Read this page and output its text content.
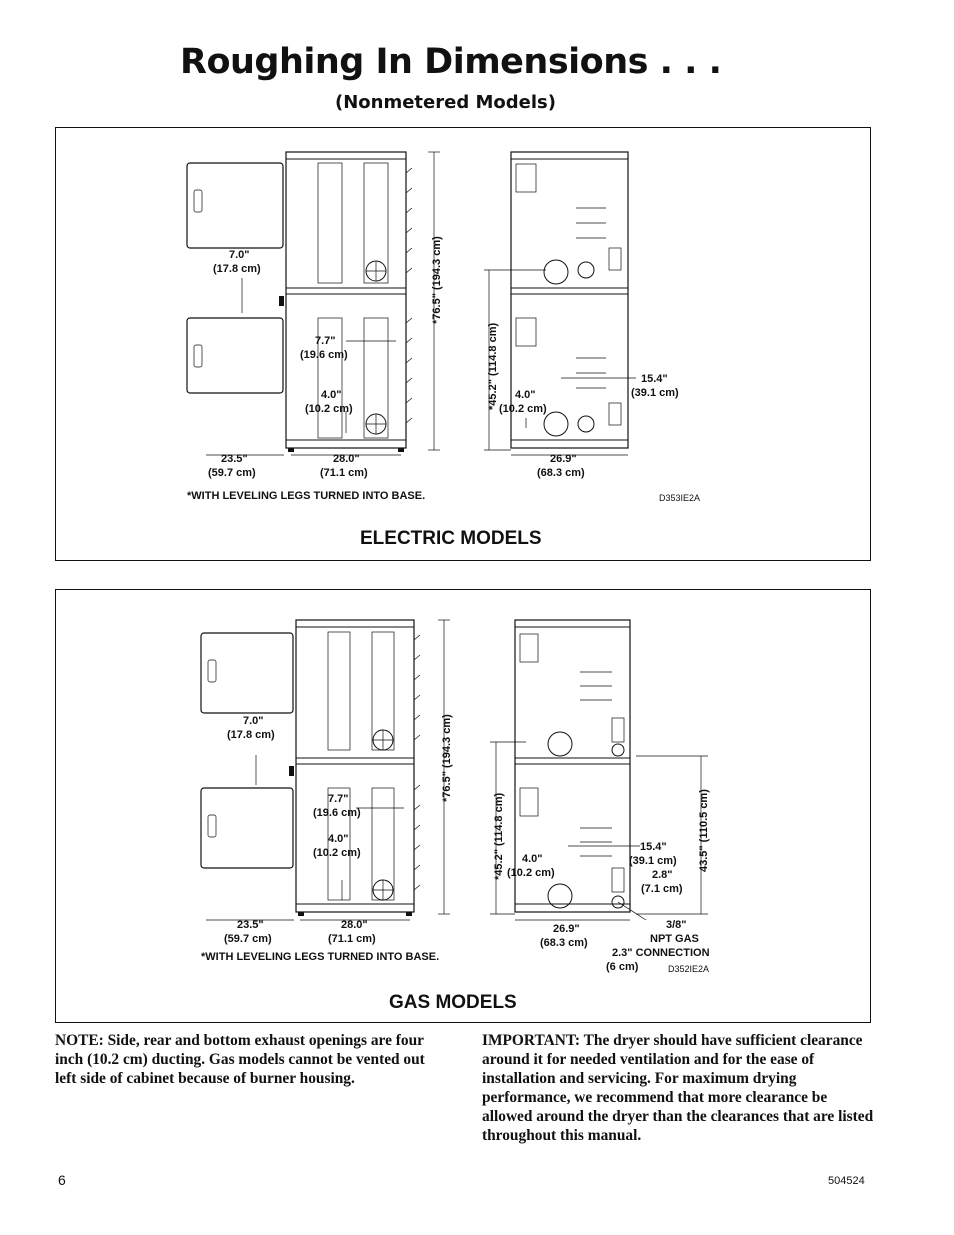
Roughing In Dimensions . . .
(Nonmetered Models)
7.0"
(17.8 cm)
7.7"
(19.6 cm)
4.0"
(10.2 cm)
23.5"
(59.7 cm)
28.0"
(71.1 cm)
*76.5" (194.3 cm)
*45.2" (114.8 cm) 4.0"
(10.2 cm)
15.4"
(39.1 cm)
26.9"
(68.3 cm)
*WITH LEVELING LEGS TURNED INTO BASE.	D353IE2A
ELECTRIC MODELS
7.0"
(17.8 cm)
7.7"
(19.6 cm)
4.0"
(10.2 cm)
23.5"
(59.7 cm)
28.0"
(71.1 cm)
*76.5" (194.3 cm)
*45.2" (114.8 cm)	43.5" (110.5 cm)
4.0"
(10.2 cm)
15.4"
(39.1 cm)
2.8"
(7.1 cm)
26.9"
(68.3 cm)
3/8"
NPT GAS
2.3" CONNECTION
(6 cm)
*WITH LEVELING LEGS TURNED INTO BASE.
D352IE2A
GAS MODELS
NOTE: Side, rear and bottom exhaust openings are four inch (10.2 cm) ducting. Gas models cannot be vented out left side of cabinet because of burner housing.
IMPORTANT: The dryer should have sufficient clearance around it for needed ventilation and for the ease of installation and servicing. For maximum drying performance, we recommend that more clearance be allowed around the dryer than the clearances that are listed throughout this manual.
6	504524
